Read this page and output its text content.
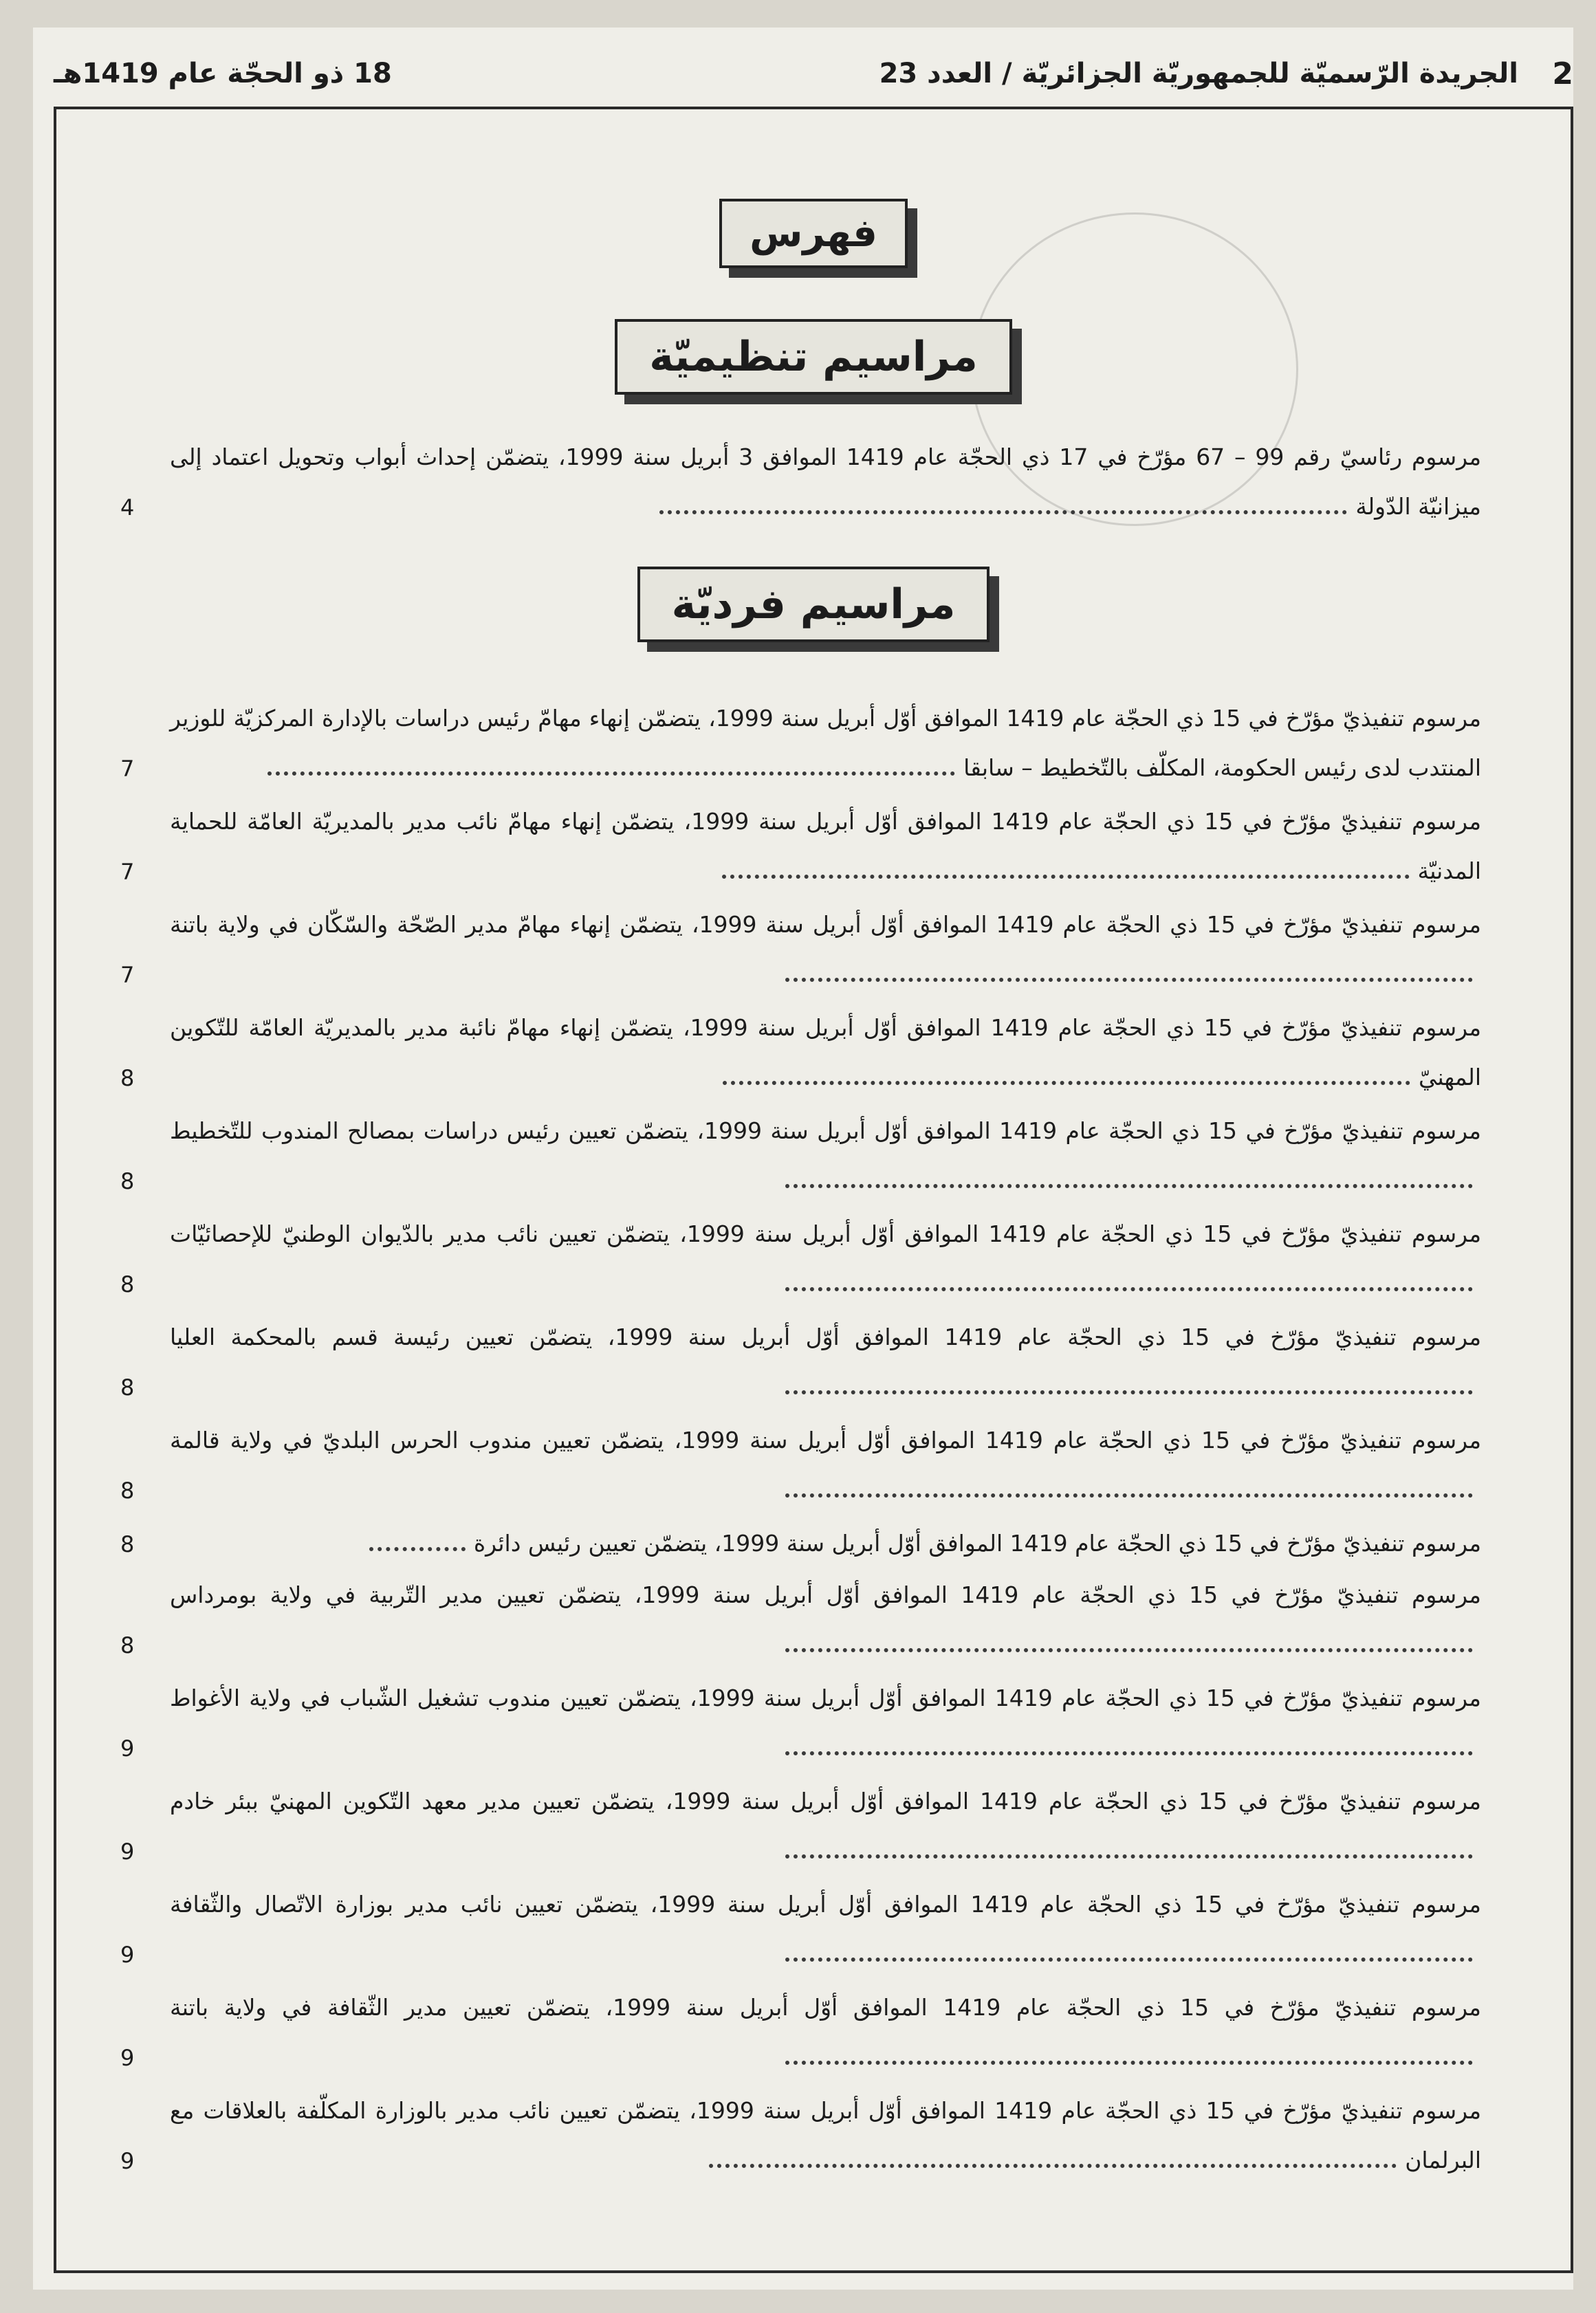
2
الجريدة الرّسميّة للجمهوريّة الجزائريّة / العدد 23
18 ذو الحجّة عام 1419هـ
فهرس
مراسيم تنظيميّة
مراسيم فرديّة
مرسوم رئاسيّ رقم 99 – 67 مؤرّخ في 17 ذي الحجّة عام 1419 الموافق 3 أبريل سنة 1999، يتضمّن إحداث أبواب وتحويل اعتماد إلى ميزانيّة الدّولة
4
مرسوم تنفيذيّ مؤرّخ في 15 ذي الحجّة عام 1419 الموافق أوّل أبريل سنة 1999، يتضمّن إنهاء مهامّ رئيس دراسات بالإدارة المركزيّة للوزير المنتدب لدى رئيس الحكومة، المكلّف بالتّخطيط – سابقا
7
مرسوم تنفيذيّ مؤرّخ في 15 ذي الحجّة عام 1419 الموافق أوّل أبريل سنة 1999، يتضمّن إنهاء مهامّ نائب مدير بالمديريّة العامّة للحماية المدنيّة
7
مرسوم تنفيذيّ مؤرّخ في 15 ذي الحجّة عام 1419 الموافق أوّل أبريل سنة 1999، يتضمّن إنهاء مهامّ مدير الصّحّة والسّكّان في ولاية باتنة
7
مرسوم تنفيذيّ مؤرّخ في 15 ذي الحجّة عام 1419 الموافق أوّل أبريل سنة 1999، يتضمّن إنهاء مهامّ نائبة مدير بالمديريّة العامّة للتّكوين المهنيّ
8
مرسوم تنفيذيّ مؤرّخ في 15 ذي الحجّة عام 1419 الموافق أوّل أبريل سنة 1999، يتضمّن تعيين رئيس دراسات بمصالح المندوب للتّخطيط
8
مرسوم تنفيذيّ مؤرّخ في 15 ذي الحجّة عام 1419 الموافق أوّل أبريل سنة 1999، يتضمّن تعيين نائب مدير بالدّيوان الوطنيّ للإحصائيّات
8
مرسوم تنفيذيّ مؤرّخ في 15 ذي الحجّة عام 1419 الموافق أوّل أبريل سنة 1999، يتضمّن تعيين رئيسة قسم بالمحكمة العليا
8
مرسوم تنفيذيّ مؤرّخ في 15 ذي الحجّة عام 1419 الموافق أوّل أبريل سنة 1999، يتضمّن تعيين مندوب الحرس البلديّ في ولاية قالمة
8
مرسوم تنفيذيّ مؤرّخ في 15 ذي الحجّة عام 1419 الموافق أوّل أبريل سنة 1999، يتضمّن تعيين رئيس دائرة
8
مرسوم تنفيذيّ مؤرّخ في 15 ذي الحجّة عام 1419 الموافق أوّل أبريل سنة 1999، يتضمّن تعيين مدير التّربية في ولاية بومرداس
8
مرسوم تنفيذيّ مؤرّخ في 15 ذي الحجّة عام 1419 الموافق أوّل أبريل سنة 1999، يتضمّن تعيين مندوب تشغيل الشّباب في ولاية الأغواط
9
مرسوم تنفيذيّ مؤرّخ في 15 ذي الحجّة عام 1419 الموافق أوّل أبريل سنة 1999، يتضمّن تعيين مدير معهد التّكوين المهنيّ ببئر خادم
9
مرسوم تنفيذيّ مؤرّخ في 15 ذي الحجّة عام 1419 الموافق أوّل أبريل سنة 1999، يتضمّن تعيين نائب مدير بوزارة الاتّصال والثّقافة
9
مرسوم تنفيذيّ مؤرّخ في 15 ذي الحجّة عام 1419 الموافق أوّل أبريل سنة 1999، يتضمّن تعيين مدير الثّقافة في ولاية باتنة
9
مرسوم تنفيذيّ مؤرّخ في 15 ذي الحجّة عام 1419 الموافق أوّل أبريل سنة 1999، يتضمّن تعيين نائب مدير بالوزارة المكلّفة بالعلاقات مع البرلمان
9
